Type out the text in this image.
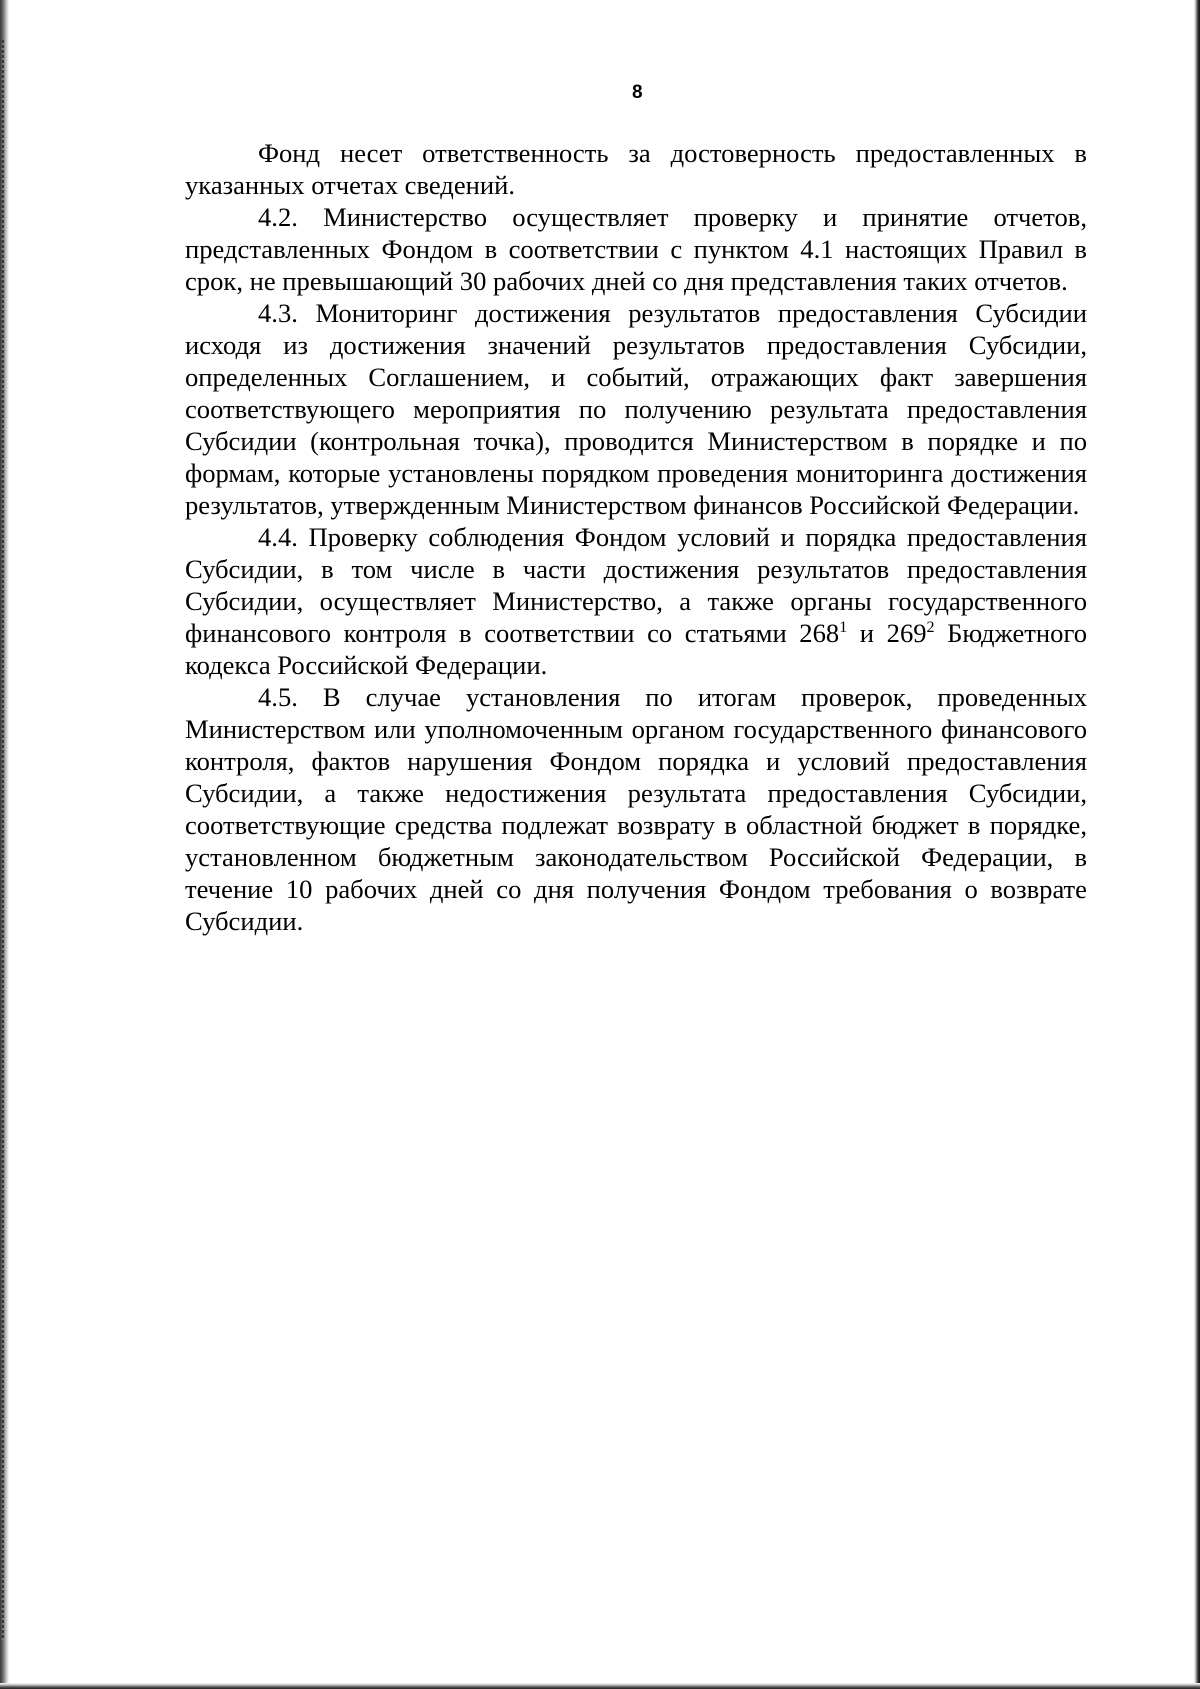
8

Фонд несет ответственность за достоверность предоставленных в указанных отчетах сведений.

4.2. Министерство осуществляет проверку и принятие отчетов, представленных Фондом в соответствии с пунктом 4.1 настоящих Правил в срок, не превышающий 30 рабочих дней со дня представления таких отчетов.

4.3. Мониторинг достижения результатов предоставления Субсидии исходя из достижения значений результатов предоставления Субсидии, определенных Соглашением, и событий, отражающих факт завершения соответствующего мероприятия по получению результата предоставления Субсидии (контрольная точка), проводится Министерством в порядке и по формам, которые установлены порядком проведения мониторинга достижения результатов, утвержденным Министерством финансов Российской Федерации.

4.4. Проверку соблюдения Фондом условий и порядка предоставления Субсидии, в том числе в части достижения результатов предоставления Субсидии, осуществляет Министерство, а также органы государственного финансового контроля в соответствии со статьями $268^1$ и $269^2$ Бюджетного кодекса Российской Федерации.

4.5. В случае установления по итогам проверок, проведенных Министерством или уполномоченным органом государственного финансового контроля, фактов нарушения Фондом порядка и условий предоставления Субсидии, а также недостижения результата предоставления Субсидии, соответствующие средства подлежат возврату в областной бюджет в порядке, установленном бюджетным законодательством Российской Федерации, в течение 10 рабочих дней со дня получения Фондом требования о возврате Субсидии.
